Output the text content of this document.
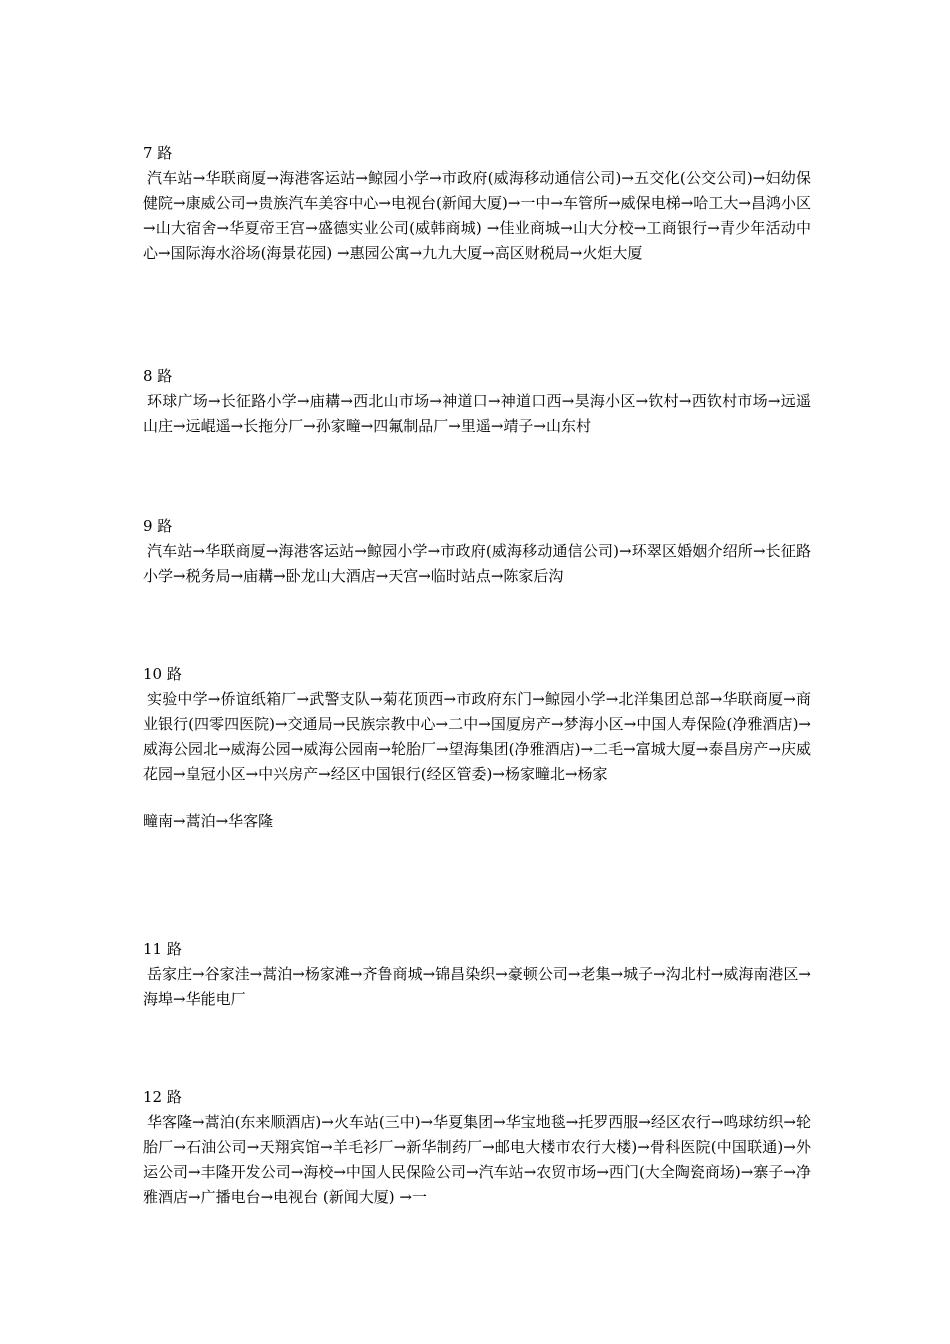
7 路

汽车站→华联商厦→海港客运站→鲸园小学→市政府(威海移动通信公司)→五交化(公交公司)→妇幼保健院→康威公司→贵族汽车美容中心→电视台(新闻大厦)→一中→车管所→威保电梯→哈工大→昌鸿小区→山大宿舍→华夏帝王宫→盛德实业公司(威韩商城) →佳业商城→山大分校→工商银行→青少年活动中心→国际海水浴场(海景花园) →惠园公寓→九九大厦→高区财税局→火炬大厦

8 路

环球广场→长征路小学→庙耩→西北山市场→神道口→神道口西→昊海小区→钦村→西钦村市场→远遥山庄→远崐遥→长拖分厂→孙家疃→四氟制品厂→里遥→靖子→山东村

9 路

汽车站→华联商厦→海港客运站→鲸园小学→市政府(威海移动通信公司)→环翠区婚姻介绍所→长征路小学→税务局→庙耩→卧龙山大酒店→天宫→临时站点→陈家后沟

10 路

实验中学→侨谊纸箱厂→武警支队→菊花顶西→市政府东门→鲸园小学→北洋集团总部→华联商厦→商业银行(四零四医院)→交通局→民族宗教中心→二中→国厦房产→梦海小区→中国人寿保险(净雅酒店)→威海公园北→威海公园→威海公园南→轮胎厂→望海集团(净雅酒店)→二毛→富城大厦→泰昌房产→庆威花园→皇冠小区→中兴房产→经区中国银行(经区管委)→杨家疃北→杨家

疃南→蒿泊→华客隆
11 路

岳家庄→谷家洼→蒿泊→杨家滩→齐鲁商城→锦昌染织→豪顿公司→老集→城子→沟北村→威海南港区→海埠→华能电厂

12 路

华客隆→蒿泊(东来顺酒店)→火车站(三中)→华夏集团→华宝地毯→托罗西服→经区农行→鸣球纺织→轮胎厂→石油公司→天翔宾馆→羊毛衫厂→新华制药厂→邮电大楼市农行大楼)→骨科医院(中国联通)→外运公司→丰隆开发公司→海校→中国人民保险公司→汽车站→农贸市场→西门(大全陶瓷商场)→寨子→净雅酒店→广播电台→电视台 (新闻大厦) →一
